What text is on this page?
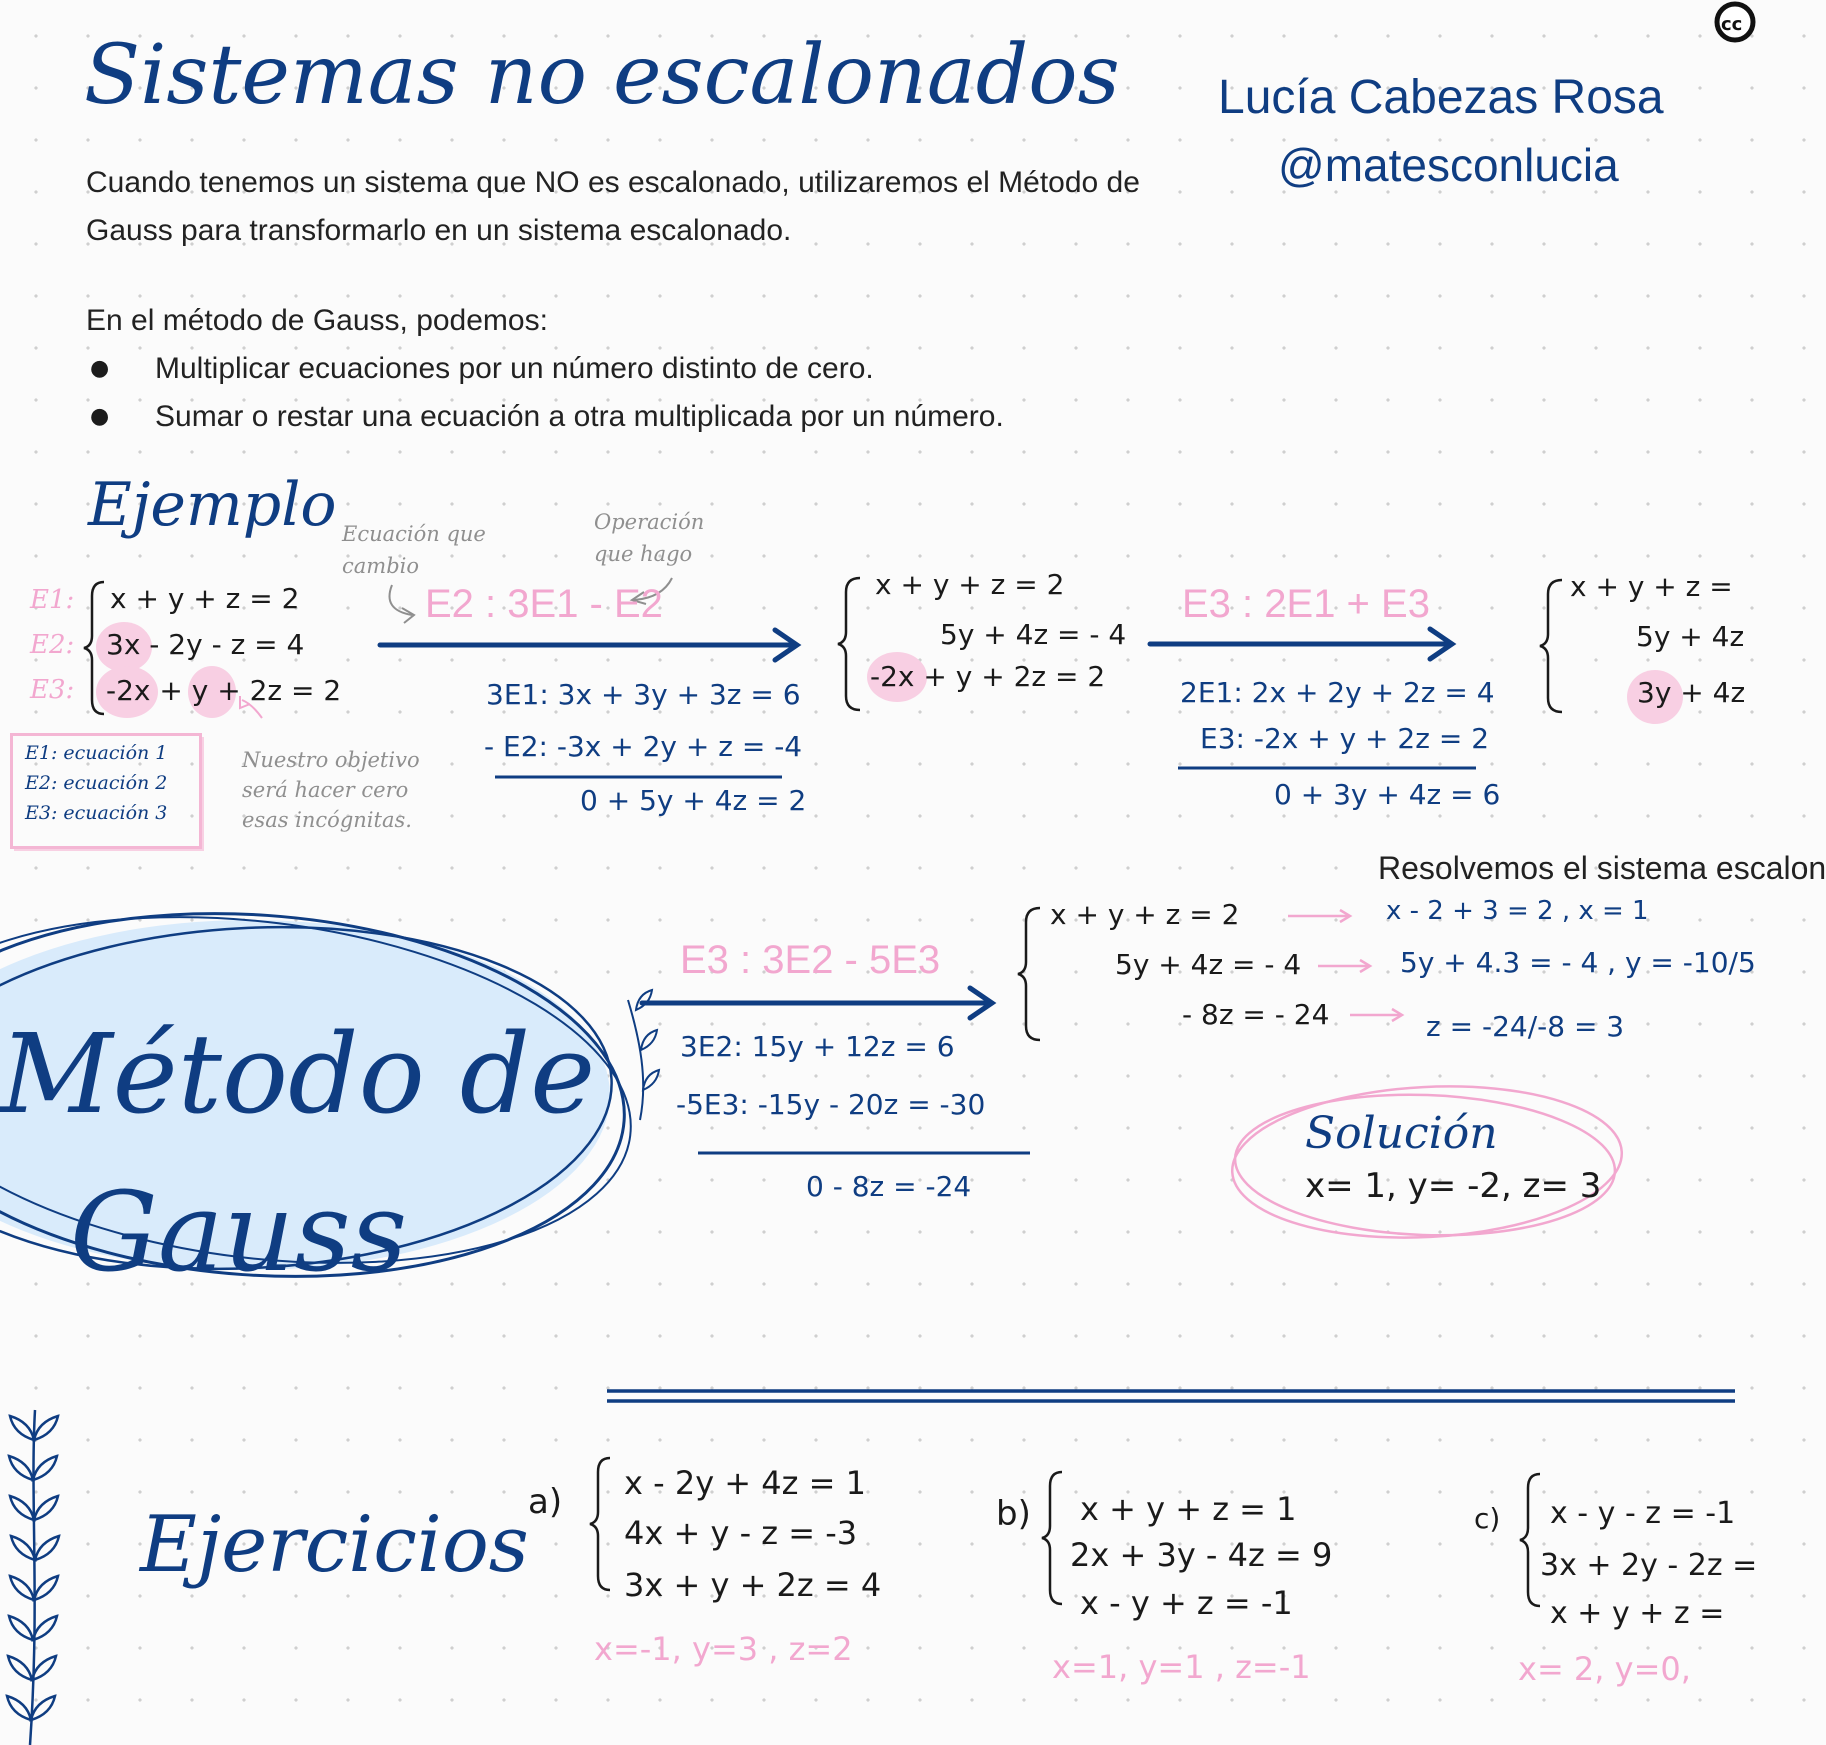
cc
Sistemas no escalonados Lucía Cabezas Rosa
@matesconlucia
Cuando tenemos un sistema que NO es escalonado, utilizaremos el Método de
Gauss para transformarlo en un sistema escalonado.
En el método de Gauss, podemos:
●
●
Multiplicar ecuaciones por un número distinto de cero.
Sumar o restar una ecuación a otra multiplicada por un número.
Ejemplo Ecuación que
cambio
Operación
que hago
E1:
E2:
E3:
x + y + z = 2
3x - 2y - z = 4
-2x + y + 2z = 2
E2 : 3E1 - E2
3E1: 3x + 3y + 3z = 6
- E2: -3x + 2y + z = -4
0 + 5y + 4z = 2
E1: ecuación 1
E2: ecuación 2
E3: ecuación 3
Nuestro objetivo
será hacer cero
esas incógnitas.
x + y + z = 2
5y + 4z = - 4
-2x + y + 2z = 2
E3 : 2E1 + E3
2E1: 2x + 2y + 2z = 4
E3: -2x + y + 2z = 2
0 + 3y + 4z = 6
x + y + z =
5y + 4z
3y + 4z
Resolvemos el sistema escalon
E3 : 3E2 - 5E3
3E2: 15y + 12z = 6
-5E3: -15y - 20z = -30
0 - 8z = -24
x + y + z = 2
5y + 4z = - 4
- 8z = - 24
x - 2 + 3 = 2 , x = 1
5y + 4.3 = - 4 , y = -10/5
z = -24/-8 = 3
Solución
x= 1, y= -2, z= 3
Método de
Gauss
Ejercicios a) x - 2y + 4z = 1
4x + y - z = -3
3x + y + 2z = 4
x=-1, y=3 , z=2
b) x + y + z = 1
2x + 3y - 4z = 9
x - y + z = -1
x=1, y=1 , z=-1
c) x - y - z = -1
3x + 2y - 2z =
x + y + z =
x= 2, y=0,
